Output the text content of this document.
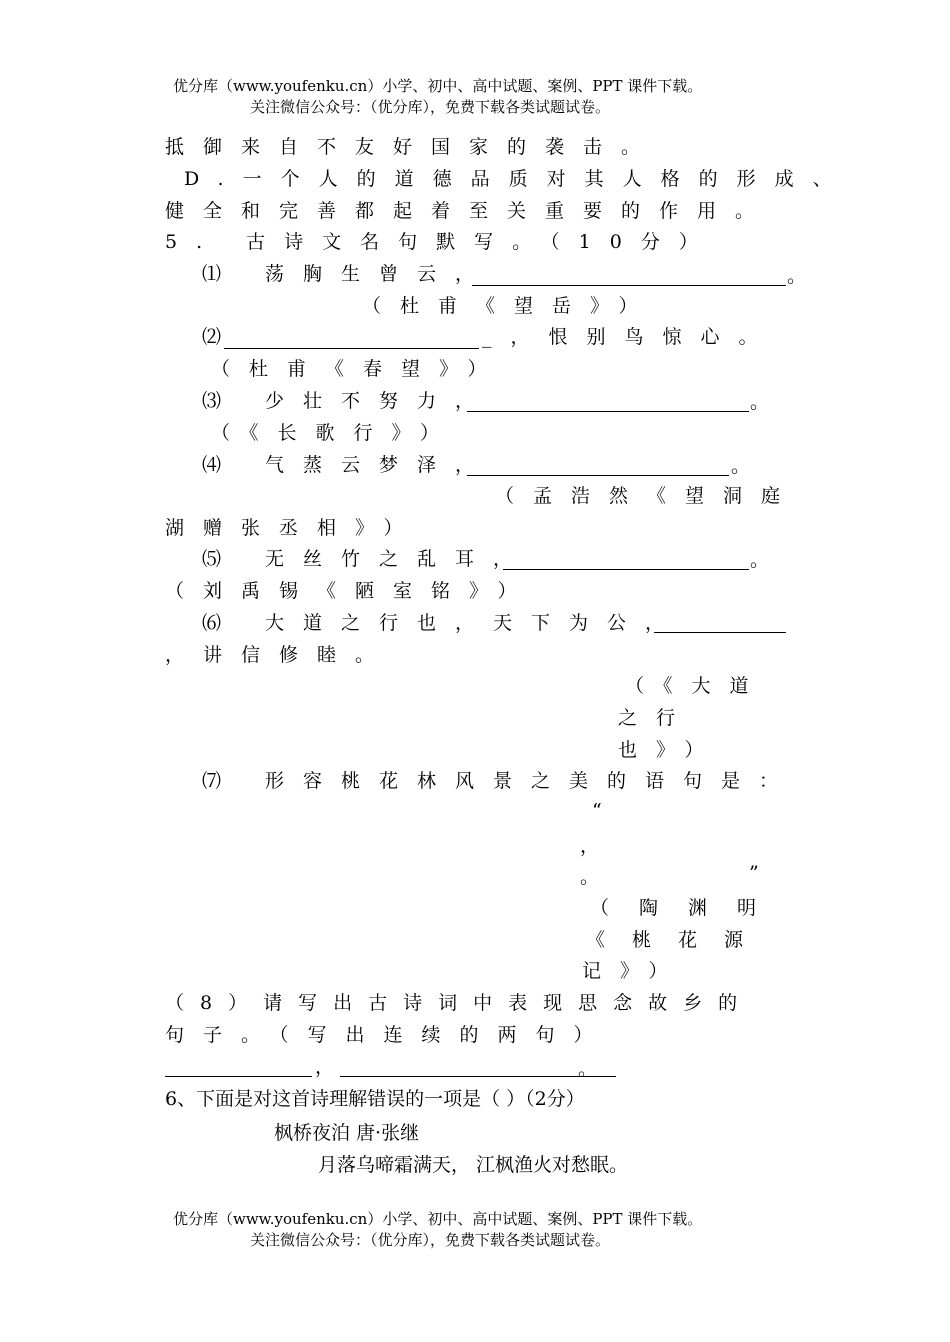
优分库（www.youfenku.cn）小学、初中、高中试题、案例、PPT 课件下载。
关注微信公众号：（优分库），免费下载各类试题试卷。
抵御来自不友好国家的袭击。
D.一个人的道德品质对其人格的形成、
健全和完善都起着至关重要的作用。
5. 古诗文名句默写。（10分）
⑴ 荡胸生曾云，	。
（杜甫《望岳》）
⑵	_，恨别鸟惊心。
（杜甫《春望》）
⑶ 少壮不努力，	。
（《长歌行》）
⑷ 气蒸云梦泽，	。
（孟浩然《望洞庭
湖赠张丞相》）
⑸ 无丝竹之乱耳，	。
（刘禹锡《陋室铭》）
⑹ 大道之行也，天下为公，
，讲信修睦。
（《大道
之行
也》）
⑺ 形容桃花林风景之美的语句是：
“
，
。	”
（陶渊明
《桃花源
记》）
（8）请写出古诗词中表现思念故乡的
句子。（写出连续的两句）
，	。
6、下面是对这首诗理解错误的一项是（ ）（2分）
枫桥夜泊 唐·张继
月落乌啼霜满天， 江枫渔火对愁眠。
优分库（www.youfenku.cn）小学、初中、高中试题、案例、PPT 课件下载。
关注微信公众号：（优分库），免费下载各类试题试卷。
